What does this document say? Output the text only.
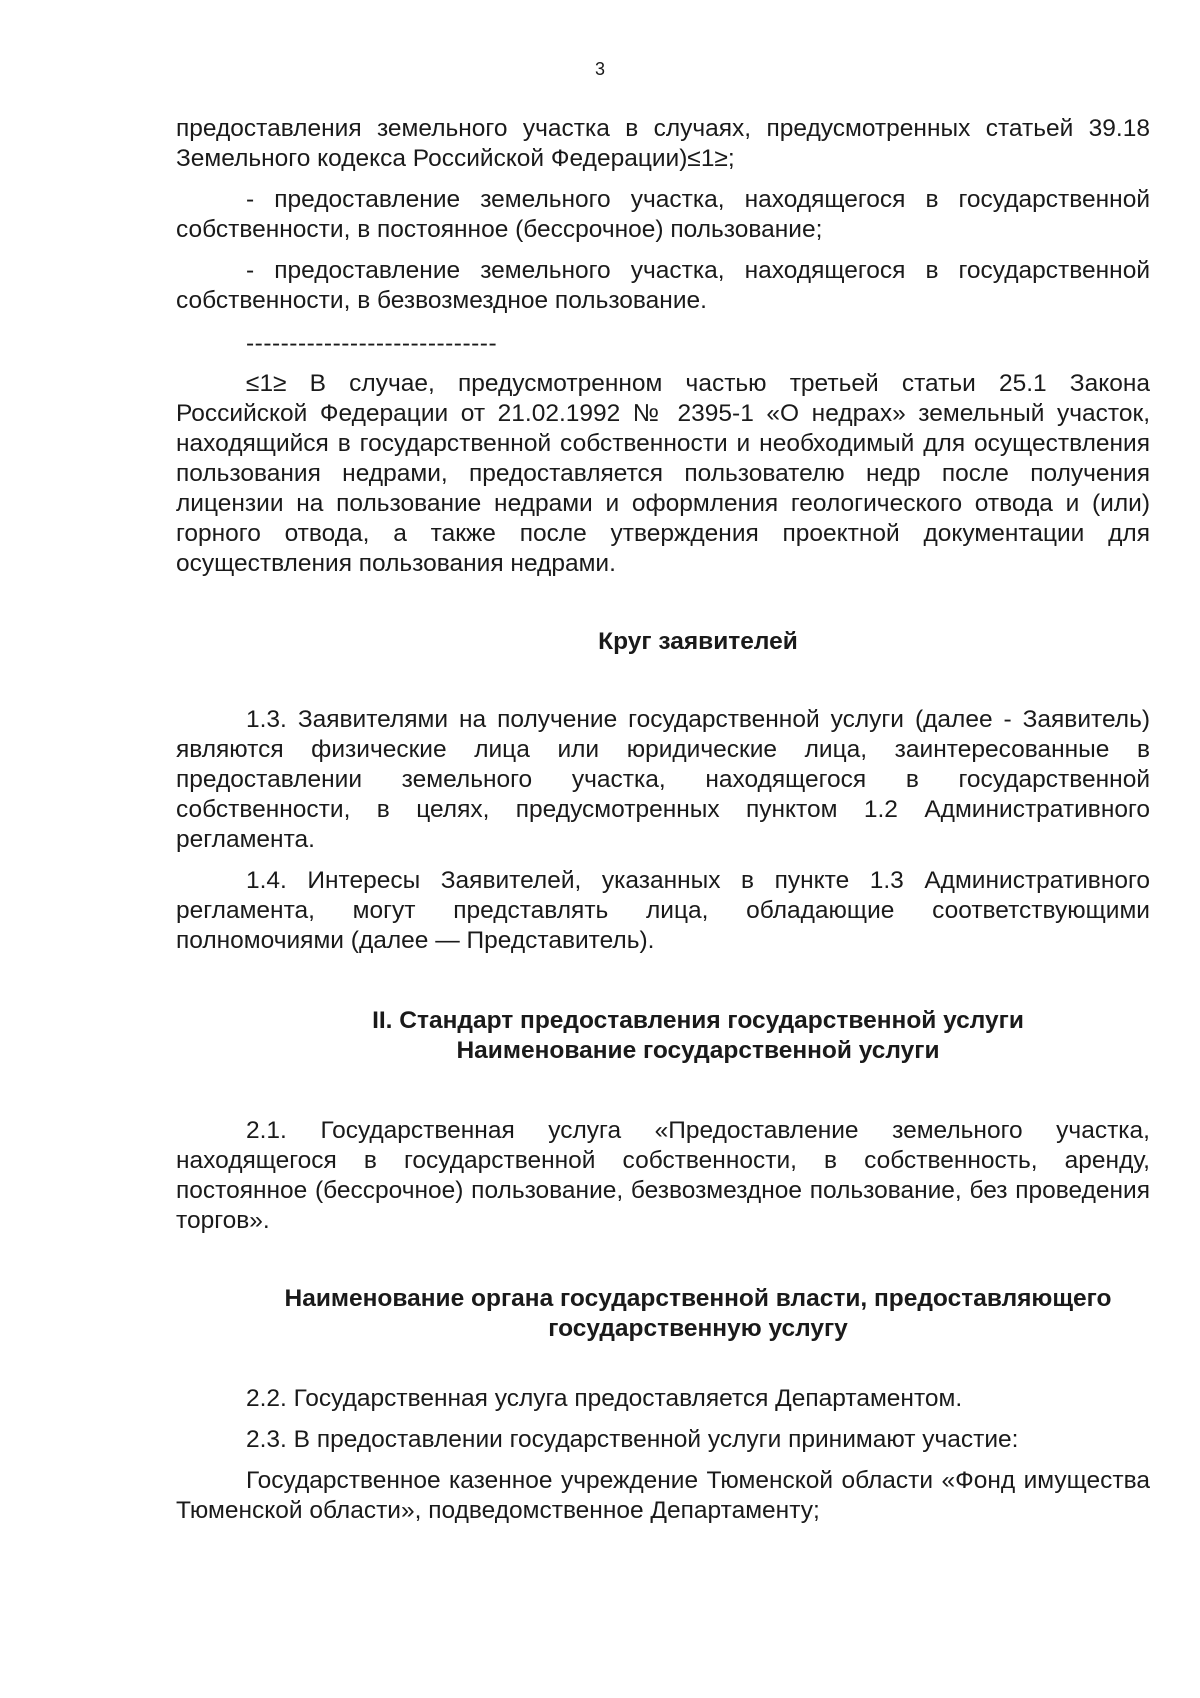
3

предоставления земельного участка в случаях, предусмотренных статьей 39.18 Земельного кодекса Российской Федерации)≤1≥;

- предоставление земельного участка, находящегося в государственной собственности, в постоянное (бессрочное) пользование;

- предоставление земельного участка, находящегося в государственной собственности, в безвозмездное пользование.

-----------------------------

≤1≥ В случае, предусмотренном частью третьей статьи 25.1 Закона Российской Федерации от 21.02.1992 № 2395-1 «О недрах» земельный участок, находящийся в государственной собственности и необходимый для осуществления пользования недрами, предоставляется пользователю недр после получения лицензии на пользование недрами и оформления геологического отвода и (или) горного отвода, а также после утверждения проектной документации для осуществления пользования недрами.

Круг заявителей

1.3. Заявителями на получение государственной услуги (далее - Заявитель) являются физические лица или юридические лица, заинтересованные в предоставлении земельного участка, находящегося в государственной собственности, в целях, предусмотренных пунктом 1.2 Административного регламента.

1.4. Интересы Заявителей, указанных в пункте 1.3 Административного регламента, могут представлять лица, обладающие соответствующими полномочиями (далее — Представитель).

II. Стандарт предоставления государственной услуги
Наименование государственной услуги

2.1. Государственная услуга «Предоставление земельного участка, находящегося в государственной собственности, в собственность, аренду, постоянное (бессрочное) пользование, безвозмездное пользование, без проведения торгов».

Наименование органа государственной власти, предоставляющего
государственную услугу

2.2. Государственная услуга предоставляется Департаментом.

2.3. В предоставлении государственной услуги принимают участие:

Государственное казенное учреждение Тюменской области «Фонд имущества Тюменской области», подведомственное Департаменту;
